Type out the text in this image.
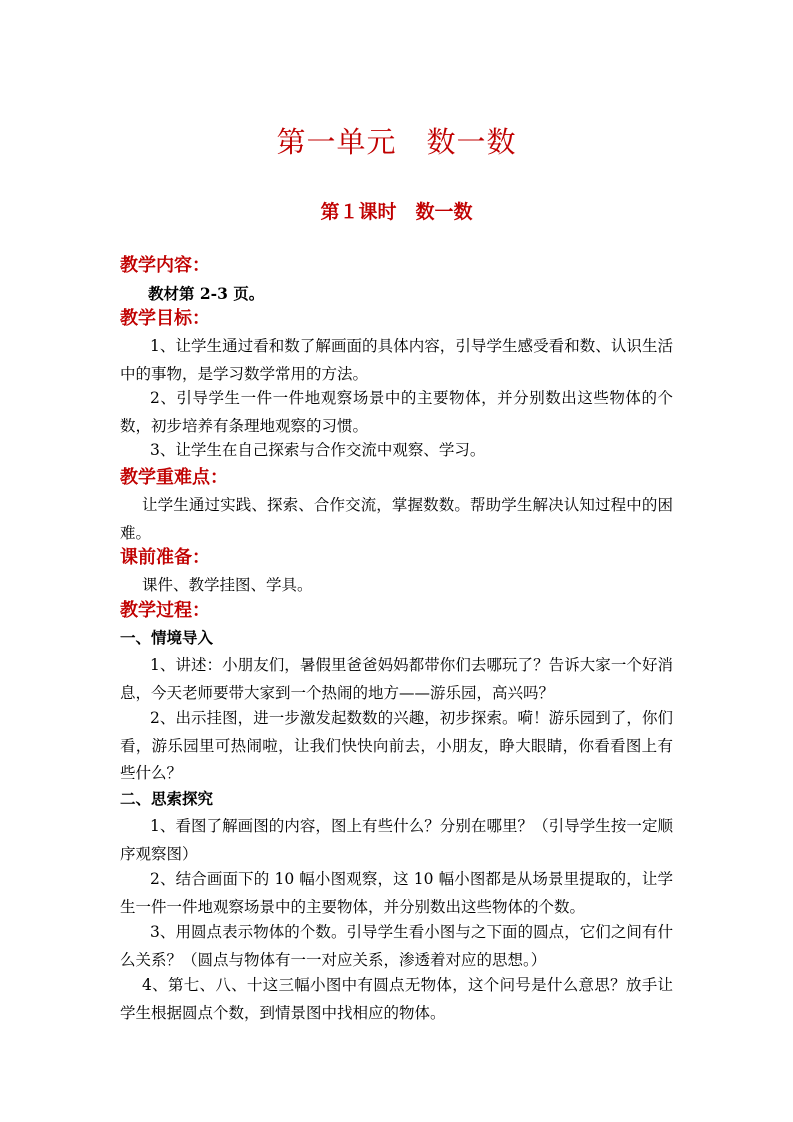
第一单元　数一数
第１课时　数一数
教学内容：
教材第 2-3 页。
教学目标：

1、让学生通过看和数了解画面的具体内容，引导学生感受看和数、认识生活中的事物，是学习数学常用的方法。

2、引导学生一件一件地观察场景中的主要物体，并分别数出这些物体的个数，初步培养有条理地观察的习惯。

3、让学生在自己探索与合作交流中观察、学习。

教学重难点：

让学生通过实践、探索、合作交流，掌握数数。帮助学生解决认知过程中的困难。

课前准备：

课件、教学挂图、学具。

教学过程：
一、情境导入

1、讲述：小朋友们，暑假里爸爸妈妈都带你们去哪玩了？告诉大家一个好消息，今天老师要带大家到一个热闹的地方——游乐园，高兴吗？

2、出示挂图，进一步激发起数数的兴趣，初步探索。嗬！游乐园到了，你们看，游乐园里可热闹啦，让我们快快向前去，小朋友，睁大眼睛，你看看图上有些什么？

二、思索探究

1、看图了解画图的内容，图上有些什么？分别在哪里？（引导学生按一定顺序观察图）

2、结合画面下的 10 幅小图观察，这 10 幅小图都是从场景里提取的，让学生一件一件地观察场景中的主要物体，并分别数出这些物体的个数。

3、用圆点表示物体的个数。引导学生看小图与之下面的圆点，它们之间有什么关系？（圆点与物体有一一对应关系，渗透着对应的思想。）

4、第七、八、十这三幅小图中有圆点无物体，这个问号是什么意思？放手让学生根据圆点个数，到情景图中找相应的物体。
